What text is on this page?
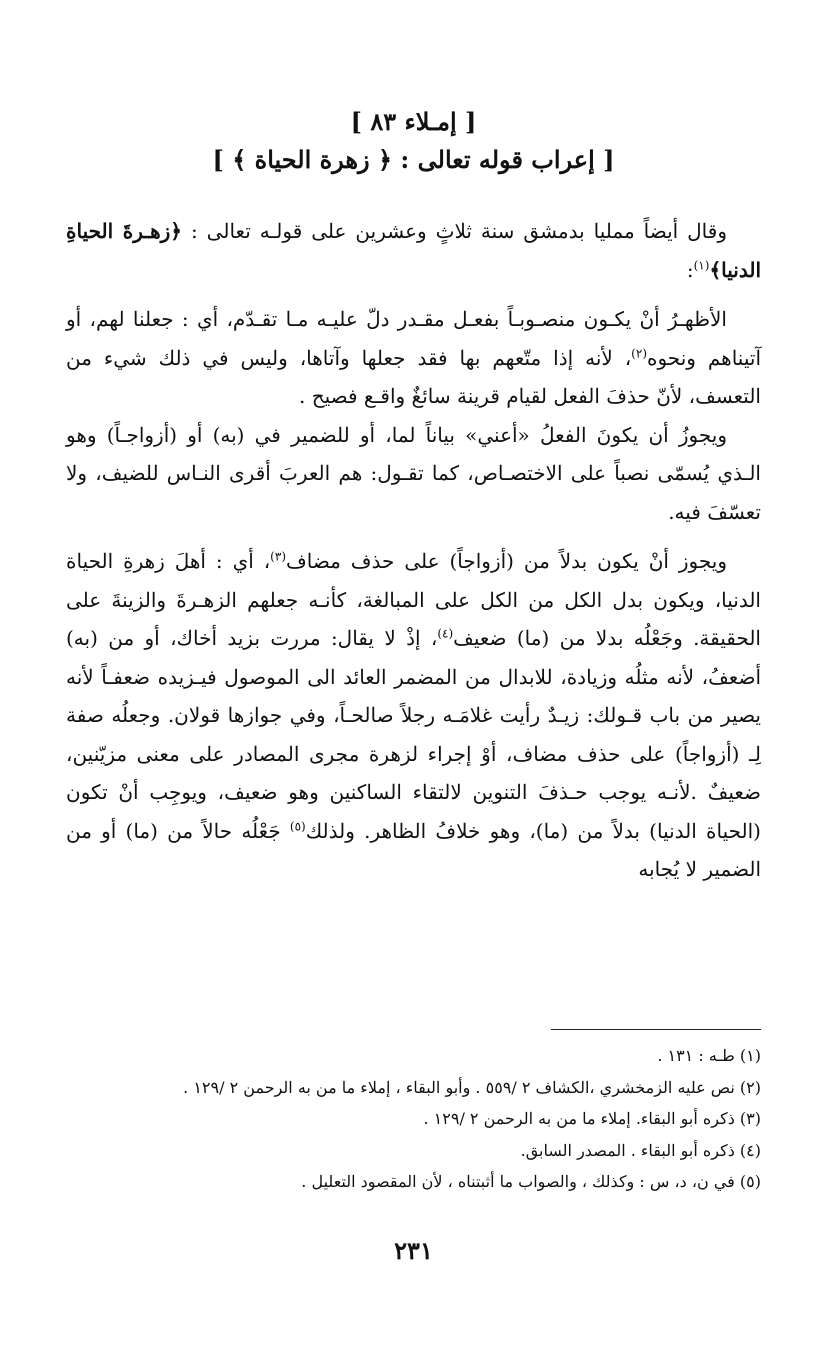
[ إمـلاء ٨٣ ]
[ إعراب قوله تعالى : ﴿ زهرة الحياة ﴾ ]

وقال أيضاً ممليا بدمشق سنة ثلاثٍ وعشرين على قولـه تعالى : ﴿زهـرةَ الحياةِ الدنيا﴾$^{(١)}$:

الأظهـرُ أنْ يكـون منصـوبـاً بفعـل مقـدر دلّ عليـه مـا تقـدّم، أي : جعلنا لهم، أو آتيناهم ونحوه$^{(٢)}$، لأنه إذا متّعهم بها فقد جعلها وآتاها، وليس في ذلك شيء من التعسف، لأنّ حذفَ الفعل لقيام قرينة سائغٌ واقـع فصيح .

ويجوزُ أن يكونَ الفعلُ «أعني» بياناً لما، أو للضمير في (به) أو (أزواجـاً) وهو الـذي يُسمّى نصباً على الاختصـاص، كما تقـول: هم العربَ أقرى النـاس للضيف، ولا تعسّفَ فيه.

ويجوز أنْ يكون بدلاً من (أزواجاً) على حذف مضاف$^{(٣)}$، أي : أهلَ زهرةِ الحياة الدنيا، ويكون بدل الكل من الكل على المبالغة، كأنـه جعلهم الزهـرةَ والزينةَ على الحقيقة. وجَعْلُه بدلا من (ما) ضعيف$^{(٤)}$، إذْ لا يقال: مررت بزيد أخاك، أو من (به) أضعفُ، لأنه مثلُه وزيادة، للابدال من المضمر العائد الى الموصول فيـزيده ضعفـاً لأنه يصير من باب قـولك: زيـدٌ رأيت غلامَـه رجلاً صالحـاً، وفي جوازها قولان. وجعلُه صفة لِـ (أزواجاً) على حذف مضاف، أوْ إجراء لزهرة مجرى المصادر على معنى مزيّنين، ضعيفٌ .لأنـه يوجب حـذفَ التنوين لالتقاء الساكنين وهو ضعيف، ويوجِب أنْ تكون (الحياة الدنيا) بدلاً من (ما)، وهو خلافُ الظاهر. ولذلك$^{(٥)}$ جَعْلُه حالاً من (ما) أو من الضمير لا يُجابه

(١) طـه : ١٣١ .

(٢) نص عليه الزمخشري ،الكشاف ٢ /٥٥٩ . وأبو البقاء ، إملاء ما من به الرحمن ٢ /١٢٩ .

(٣) ذكره أبو البقاء. إملاء ما من به الرحمن ٢ /١٢٩ .

(٤) ذكره أبو البقاء . المصدر السابق.

(٥) في ن، د، س : وكذلك ، والصواب ما أثبتناه ، لأن المقصود التعليل .

٢٣١
